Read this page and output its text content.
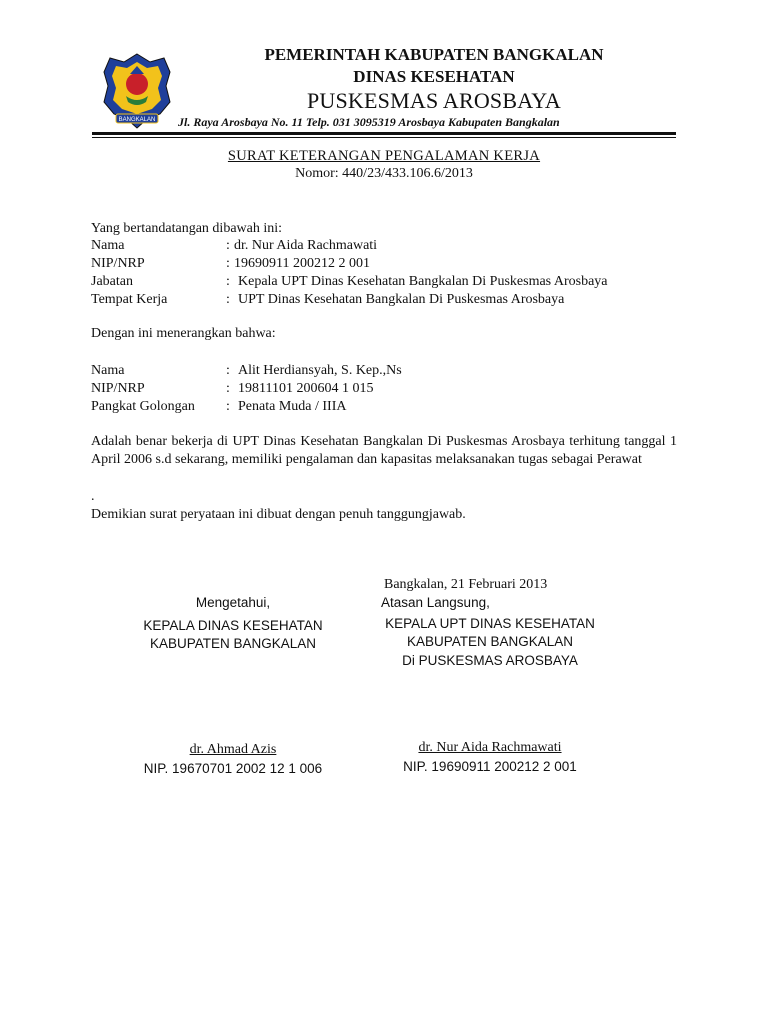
BANGKALAN
PEMERINTAH KABUPATEN BANGKALAN
DINAS KESEHATAN
PUSKESMAS AROSBAYA
Jl. Raya Arosbaya No. 11 Telp. 031 3095319 Arosbaya Kabupaten Bangkalan
SURAT KETERANGAN PENGALAMAN KERJA
Nomor: 440/23/433.106.6/2013
Yang bertandatangan dibawah ini:
Nama	: dr. Nur Aida Rachmawati
NIP/NRP	: 19690911 200212 2 001
Jabatan	: Kepala UPT Dinas Kesehatan Bangkalan Di Puskesmas Arosbaya
Tempat Kerja	: UPT Dinas Kesehatan Bangkalan Di Puskesmas Arosbaya
Dengan ini menerangkan bahwa:
Nama	: Alit Herdiansyah, S. Kep.,Ns
NIP/NRP	: 19811101 200604 1 015
Pangkat Golongan : Penata Muda / IIIA
Adalah benar bekerja di UPT Dinas Kesehatan Bangkalan Di Puskesmas Arosbaya terhitung tanggal 1 April 2006 s.d sekarang, memiliki pengalaman dan kapasitas melaksanakan tugas sebagai Perawat
.
Demikian surat peryataan ini dibuat dengan penuh tanggungjawab.
Bangkalan, 21 Februari 2013
Mengetahui,
KEPALA DINAS KESEHATAN
KABUPATEN BANGKALAN
dr. Ahmad Azis
NIP. 19670701 2002 12 1 006
Atasan Langsung,
KEPALA UPT DINAS KESEHATAN
KABUPATEN BANGKALAN
Di PUSKESMAS AROSBAYA
dr. Nur Aida Rachmawati
NIP. 19690911 200212 2 001
